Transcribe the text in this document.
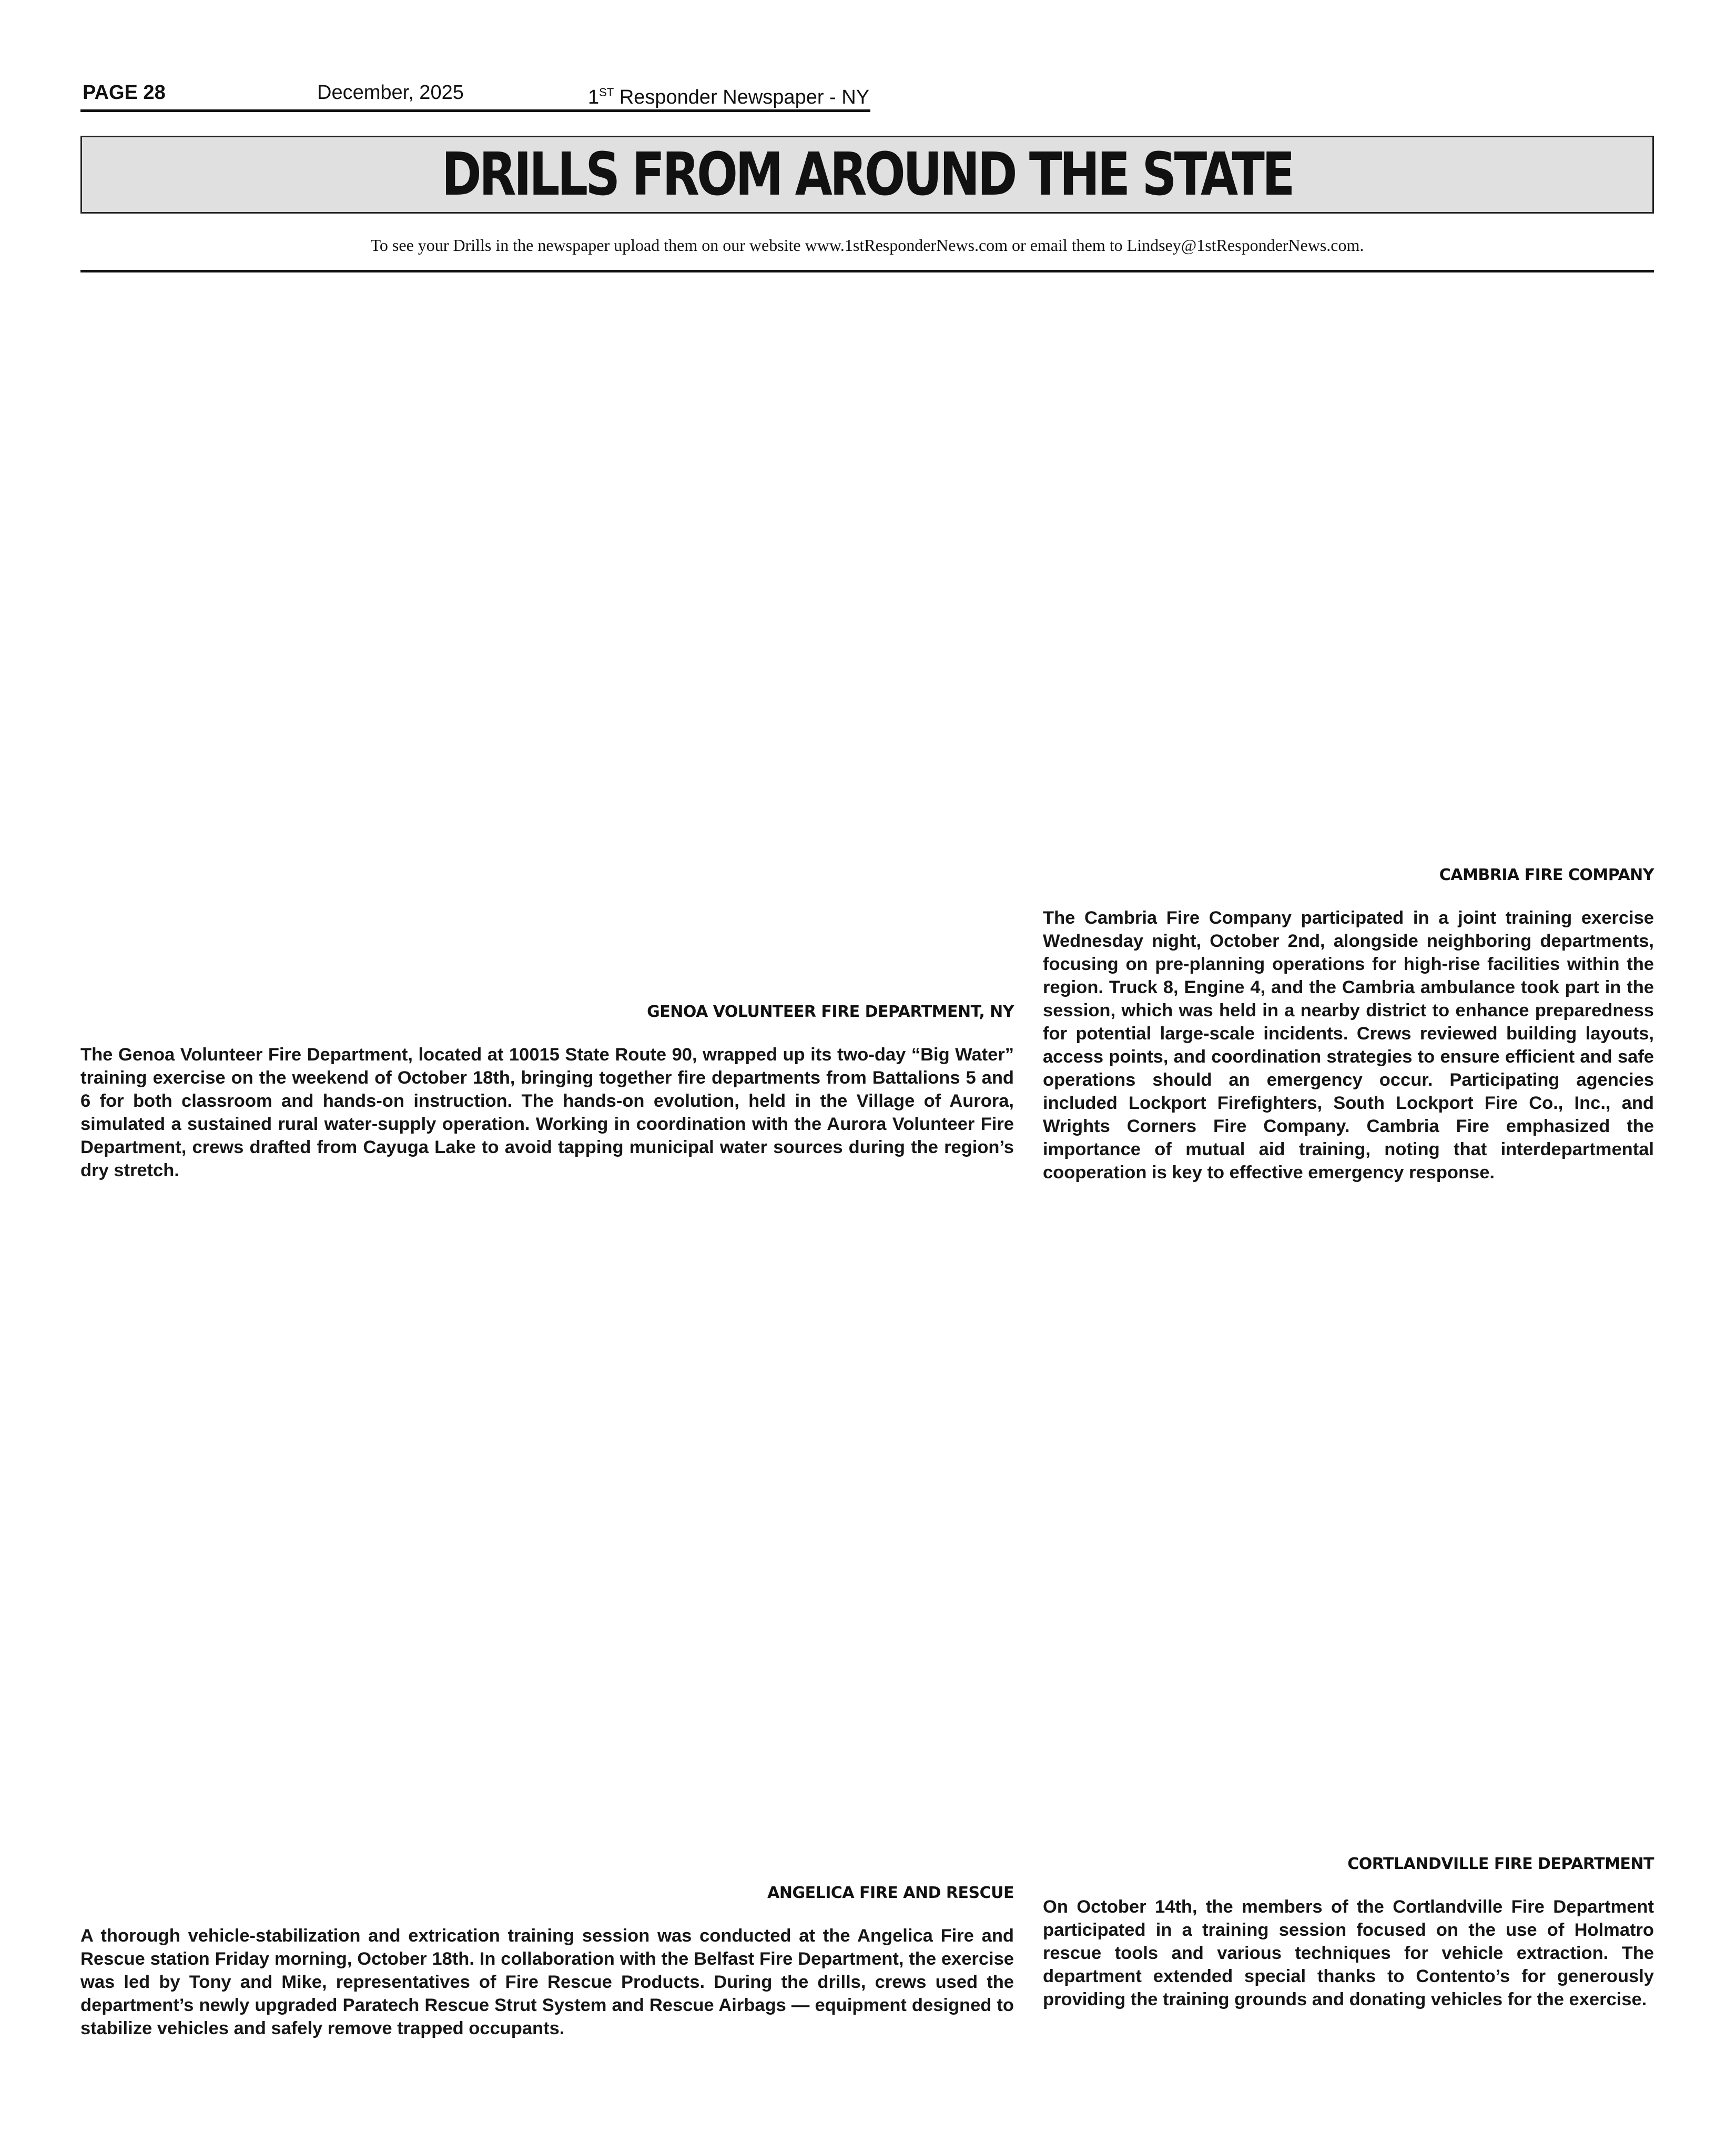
PAGE 28	December, 2025	1ST Responder Newspaper - NY
DRILLS FROM AROUND THE STATE
To see your Drills in the newspaper upload them on our website www.1stResponderNews.com or email them to Lindsey@1stResponderNews.com.

GENOA VOLUNTEER FIRE DEPARTMENT, NY

The Genoa Volunteer Fire Department, located at 10015 State Route 90, wrapped up its two-day “Big Water” training exercise on the weekend of October 18th, bringing together fire departments from Battalions 5 and 6 for both classroom and hands-on instruction. The hands-on evolution, held in the Village of Aurora, simulated a sustained rural water-supply operation. Working in coordination with the Aurora Volunteer Fire Department, crews drafted from Cayuga Lake to avoid tapping municipal water sources during the region’s dry stretch.

CAMBRIA FIRE COMPANY

The Cambria Fire Company participated in a joint training exercise Wednesday night, October 2nd, alongside neighboring departments, focusing on pre-planning operations for high-rise facilities within the region. Truck 8, Engine 4, and the Cambria ambulance took part in the session, which was held in a nearby district to enhance preparedness for potential large-scale incidents. Crews reviewed building layouts, access points, and coordination strategies to ensure efficient and safe operations should an emergency occur. Participating agencies included Lockport Firefighters, South Lockport Fire Co., Inc., and Wrights Corners Fire Company. Cambria Fire emphasized the importance of mutual aid training, noting that interdepartmental cooperation is key to effective emergency response.

ANGELICA FIRE AND RESCUE

A thorough vehicle-stabilization and extrication training session was conducted at the Angelica Fire and Rescue station Friday morning, October 18th. In collaboration with the Belfast Fire Department, the exercise was led by Tony and Mike, representatives of Fire Rescue Products. During the drills, crews used the department’s newly upgraded Paratech Rescue Strut System and Rescue Airbags — equipment designed to stabilize vehicles and safely remove trapped occupants.

CORTLANDVILLE FIRE DEPARTMENT

On October 14th, the members of the Cortlandville Fire Department participated in a training session focused on the use of Holmatro rescue tools and various techniques for vehicle extraction. The department extended special thanks to Contento’s for generously providing the training grounds and donating vehicles for the exercise.
